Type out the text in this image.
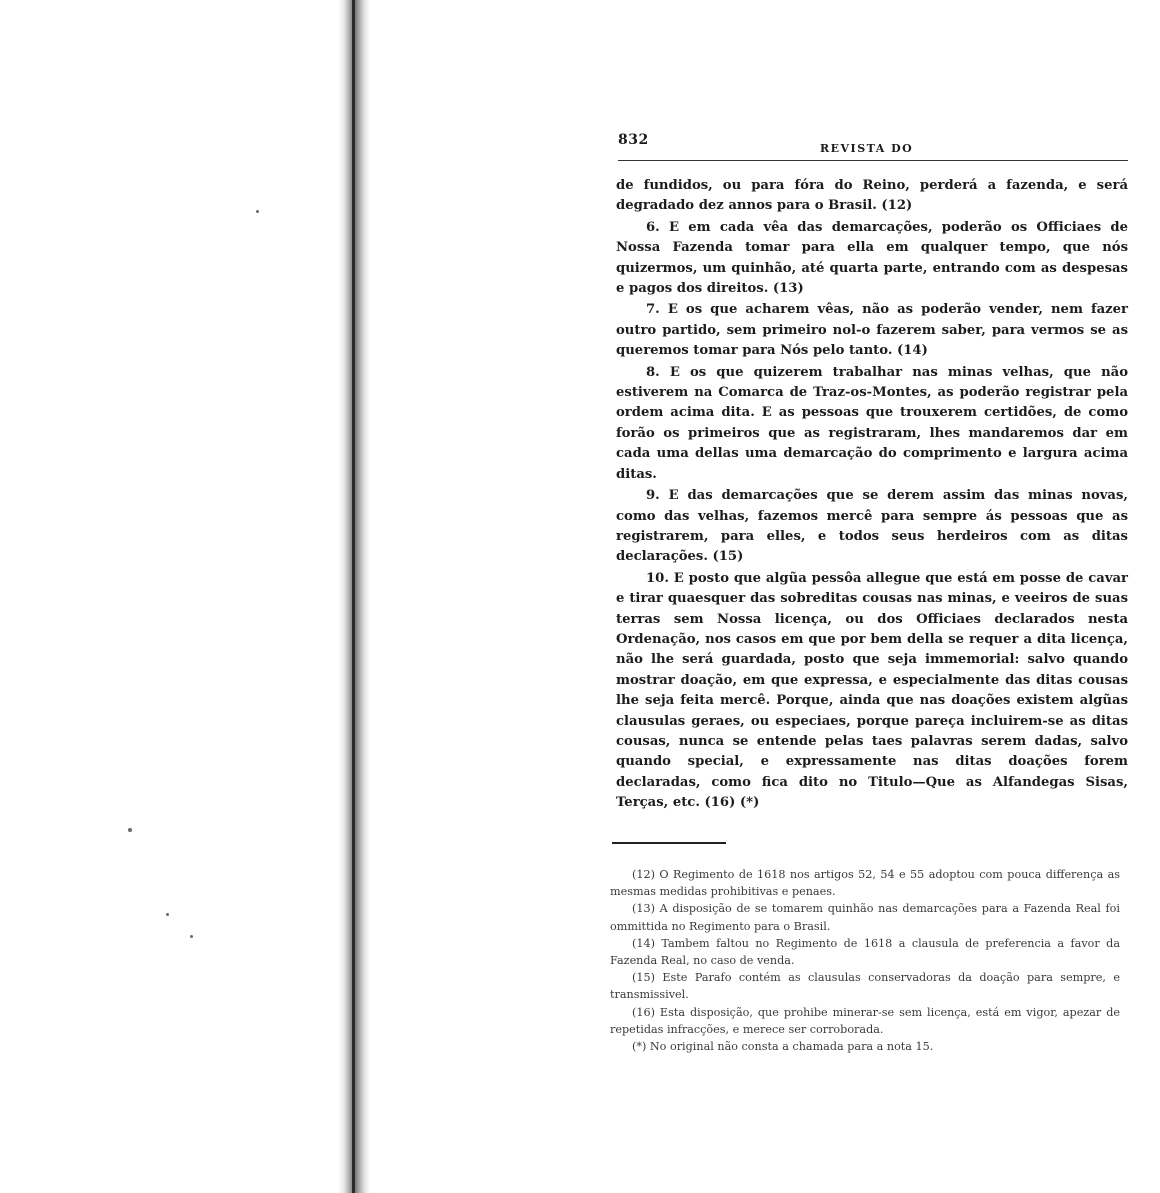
832
REVISTA DO

de fundidos, ou para fóra do Reino, perderá a fazenda, e será degradado dez annos para o Brasil. (12)

6. E em cada vêa das demarcações, poderão os Officiaes de Nossa Fazenda tomar para ella em qualquer tempo, que nós quizermos, um quinhão, até quarta parte, entrando com as despesas e pagos dos direitos. (13)

7. E os que acharem vêas, não as poderão vender, nem fazer outro partido, sem primeiro nol-o fazerem saber, para vermos se as queremos tomar para Nós pelo tanto. (14)

8. E os que quizerem trabalhar nas minas velhas, que não estiverem na Comarca de Traz-os-Montes, as poderão registrar pela ordem acima dita. E as pessoas que trouxerem certidões, de como forão os primeiros que as registraram, lhes mandaremos dar em cada uma dellas uma demarcação do comprimento e largura acima ditas.

9. E das demarcações que se derem assim das minas novas, como das velhas, fazemos mercê para sempre ás pessoas que as registrarem, para elles, e todos seus herdeiros com as ditas declarações. (15)

10. E posto que algũa pessôa allegue que está em posse de cavar e tirar quaesquer das sobreditas cousas nas minas, e veeiros de suas terras sem Nossa licença, ou dos Officiaes declarados nesta Ordenação, nos casos em que por bem della se requer a dita licença, não lhe será guardada, posto que seja immemorial: salvo quando mostrar doação, em que expressa, e especialmente das ditas cousas lhe seja feita mercê. Porque, ainda que nas doações existem algũas clausulas geraes, ou especiaes, porque pareça incluirem-se as ditas cousas, nunca se entende pelas taes palavras serem dadas, salvo quando special, e expressamente nas ditas doações forem declaradas, como fica dito no Titulo—Que as Alfandegas Sisas, Terças, etc. (16) (*)

(12) O Regimento de 1618 nos artigos 52, 54 e 55 adoptou com pouca differença as mesmas medidas prohibitivas e penaes.

(13) A disposição de se tomarem quinhão nas demarcações para a Fazenda Real foi ommittida no Regimento para o Brasil.

(14) Tambem faltou no Regimento de 1618 a clausula de preferencia a favor da Fazenda Real, no caso de venda.

(15) Este Parafo contém as clausulas conservadoras da doação para sempre, e transmissivel.

(16) Esta disposição, que prohibe minerar-se sem licença, está em vigor, apezar de repetidas infracções, e merece ser corroborada.

(*) No original não consta a chamada para a nota 15.
